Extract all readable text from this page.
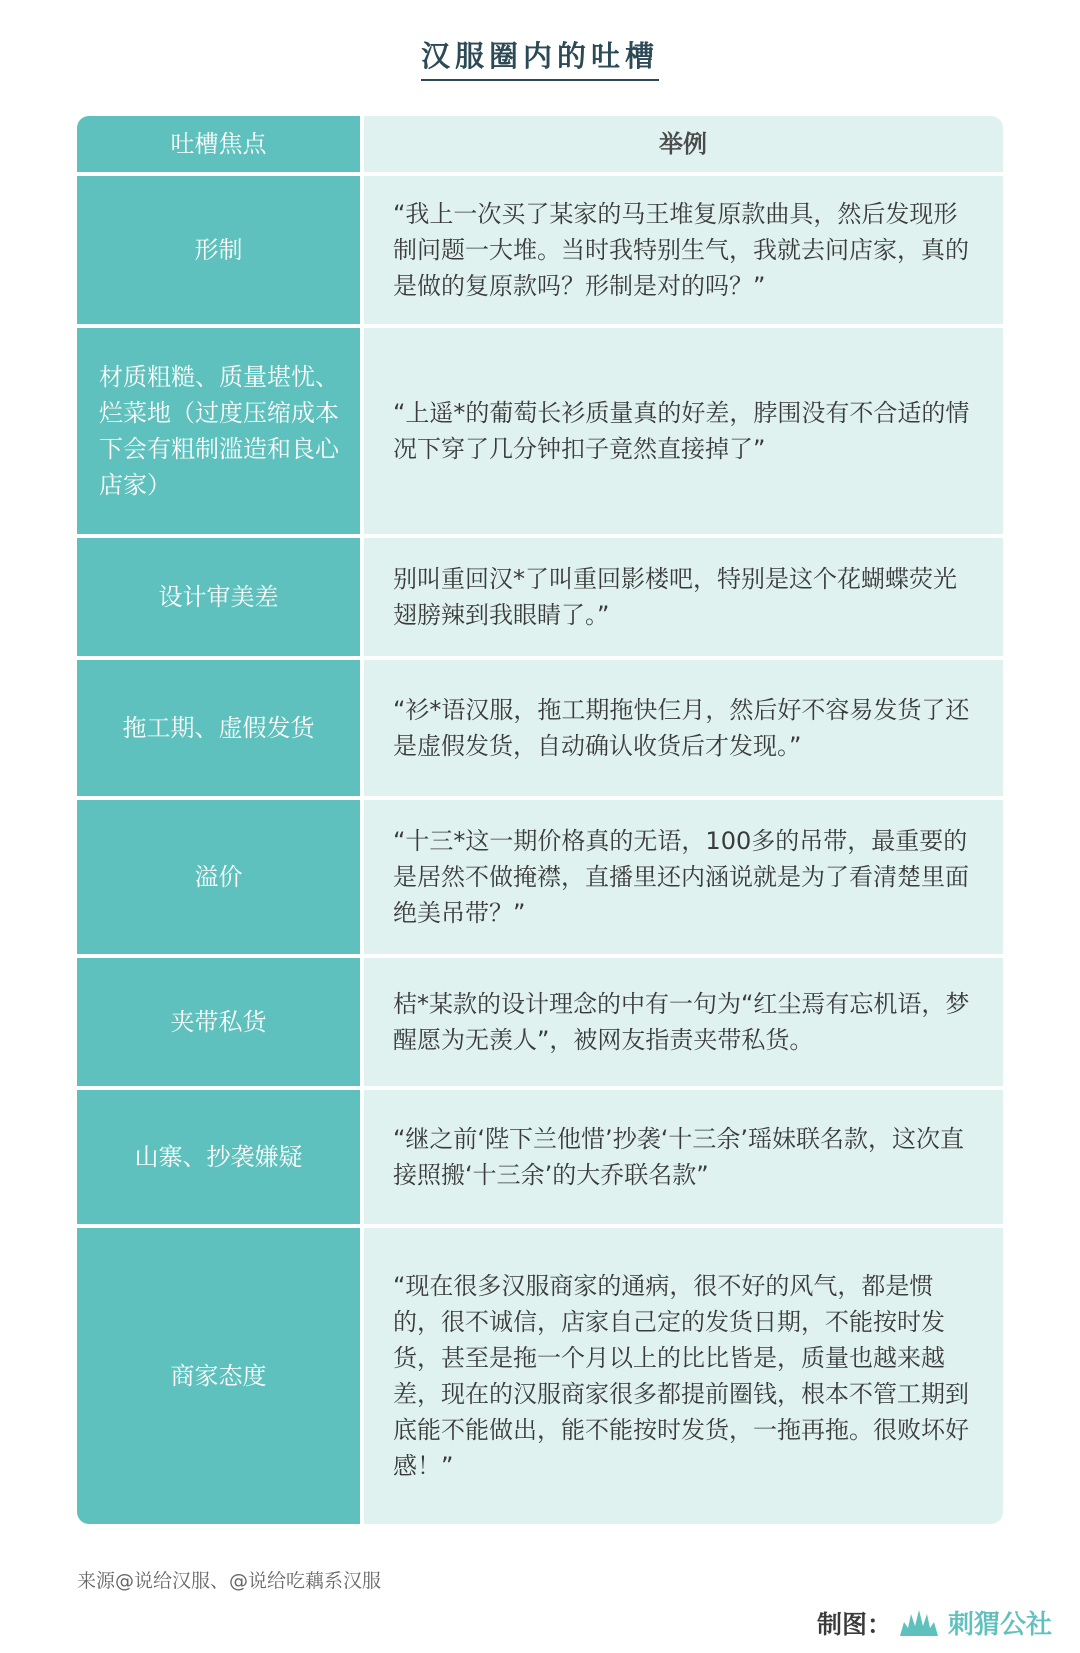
汉服圈内的吐槽
吐槽焦点	举例
形制
“我上一次买了某家的马王堆复原款曲具，然后发现形制问题一大堆。当时我特别生气，我就去问店家，真的是做的复原款吗？形制是对的吗？”
材质粗糙、质量堪忧、烂菜地（过度压缩成本下会有粗制滥造和良心店家）
“上遥*的葡萄长衫质量真的好差，脖围没有不合适的情况下穿了几分钟扣子竟然直接掉了”
设计审美差
别叫重回汉*了叫重回影楼吧，特别是这个花蝴蝶荧光翅膀辣到我眼睛了。”
拖工期、虚假发货
“衫*语汉服，拖工期拖快仨月，然后好不容易发货了还是虚假发货，自动确认收货后才发现。”
溢价
“十三*这一期价格真的无语，100多的吊带，最重要的是居然不做掩襟，直播里还内涵说就是为了看清楚里面绝美吊带？”
夹带私货
桔*某款的设计理念的中有一句为“红尘焉有忘机语，梦醒愿为无羡人”，被网友指责夹带私货。
山寨、抄袭嫌疑
“继之前‘陛下兰他惜’抄袭‘十三余’瑶妹联名款，这次直接照搬‘十三余’的大乔联名款”
商家态度
“现在很多汉服商家的通病，很不好的风气，都是惯的，很不诚信，店家自己定的发货日期，不能按时发货，甚至是拖一个月以上的比比皆是，质量也越来越差，现在的汉服商家很多都提前圈钱，根本不管工期到底能不能做出，能不能按时发货，一拖再拖。很败坏好感！”
来源@说给汉服、@说给吃藕系汉服
制图： 刺猬公社
